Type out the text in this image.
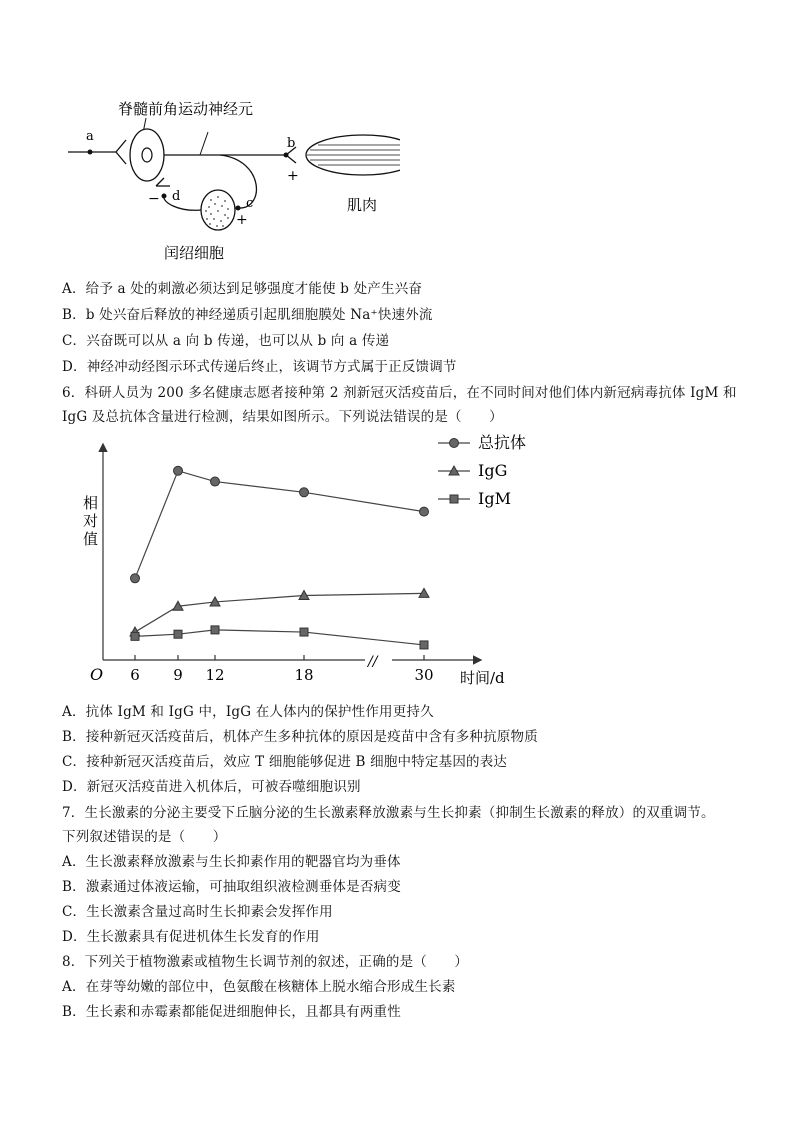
脊髓前角运动神经元
a	b
+
肌肉
c
+
d
−
闰绍细胞
A．给予 a 处的刺激必须达到足够强度才能使 b 处产生兴奋
B．b 处兴奋后释放的神经递质引起肌细胞膜处 Na⁺快速外流
C．兴奋既可以从 a 向 b 传递，也可以从 b 向 a 传递
D．神经冲动经图示环式传递后终止，该调节方式属于正反馈调节
6．科研人员为 200 多名健康志愿者接种第 2 剂新冠灭活疫苗后，在不同时间对他们体内新冠病毒抗体 IgM 和
IgG 及总抗体含量进行检测，结果如图所示。下列说法错误的是（　　）
//
O	时间/d
相对值
6 9 12	18	30
总抗体
IgG
IgM
A．抗体 IgM 和 IgG 中，IgG 在人体内的保护性作用更持久
B．接种新冠灭活疫苗后，机体产生多种抗体的原因是疫苗中含有多种抗原物质
C．接种新冠灭活疫苗后，效应 T 细胞能够促进 B 细胞中特定基因的表达
D．新冠灭活疫苗进入机体后，可被吞噬细胞识别
7．生长激素的分泌主要受下丘脑分泌的生长激素释放激素与生长抑素（抑制生长激素的释放）的双重调节。
下列叙述错误的是（　　）
A．生长激素释放激素与生长抑素作用的靶器官均为垂体
B．激素通过体液运输，可抽取组织液检测垂体是否病变
C．生长激素含量过高时生长抑素会发挥作用
D．生长激素具有促进机体生长发育的作用
8．下列关于植物激素或植物生长调节剂的叙述，正确的是（　　）
A．在芽等幼嫩的部位中，色氨酸在核糖体上脱水缩合形成生长素
B．生长素和赤霉素都能促进细胞伸长，且都具有两重性
